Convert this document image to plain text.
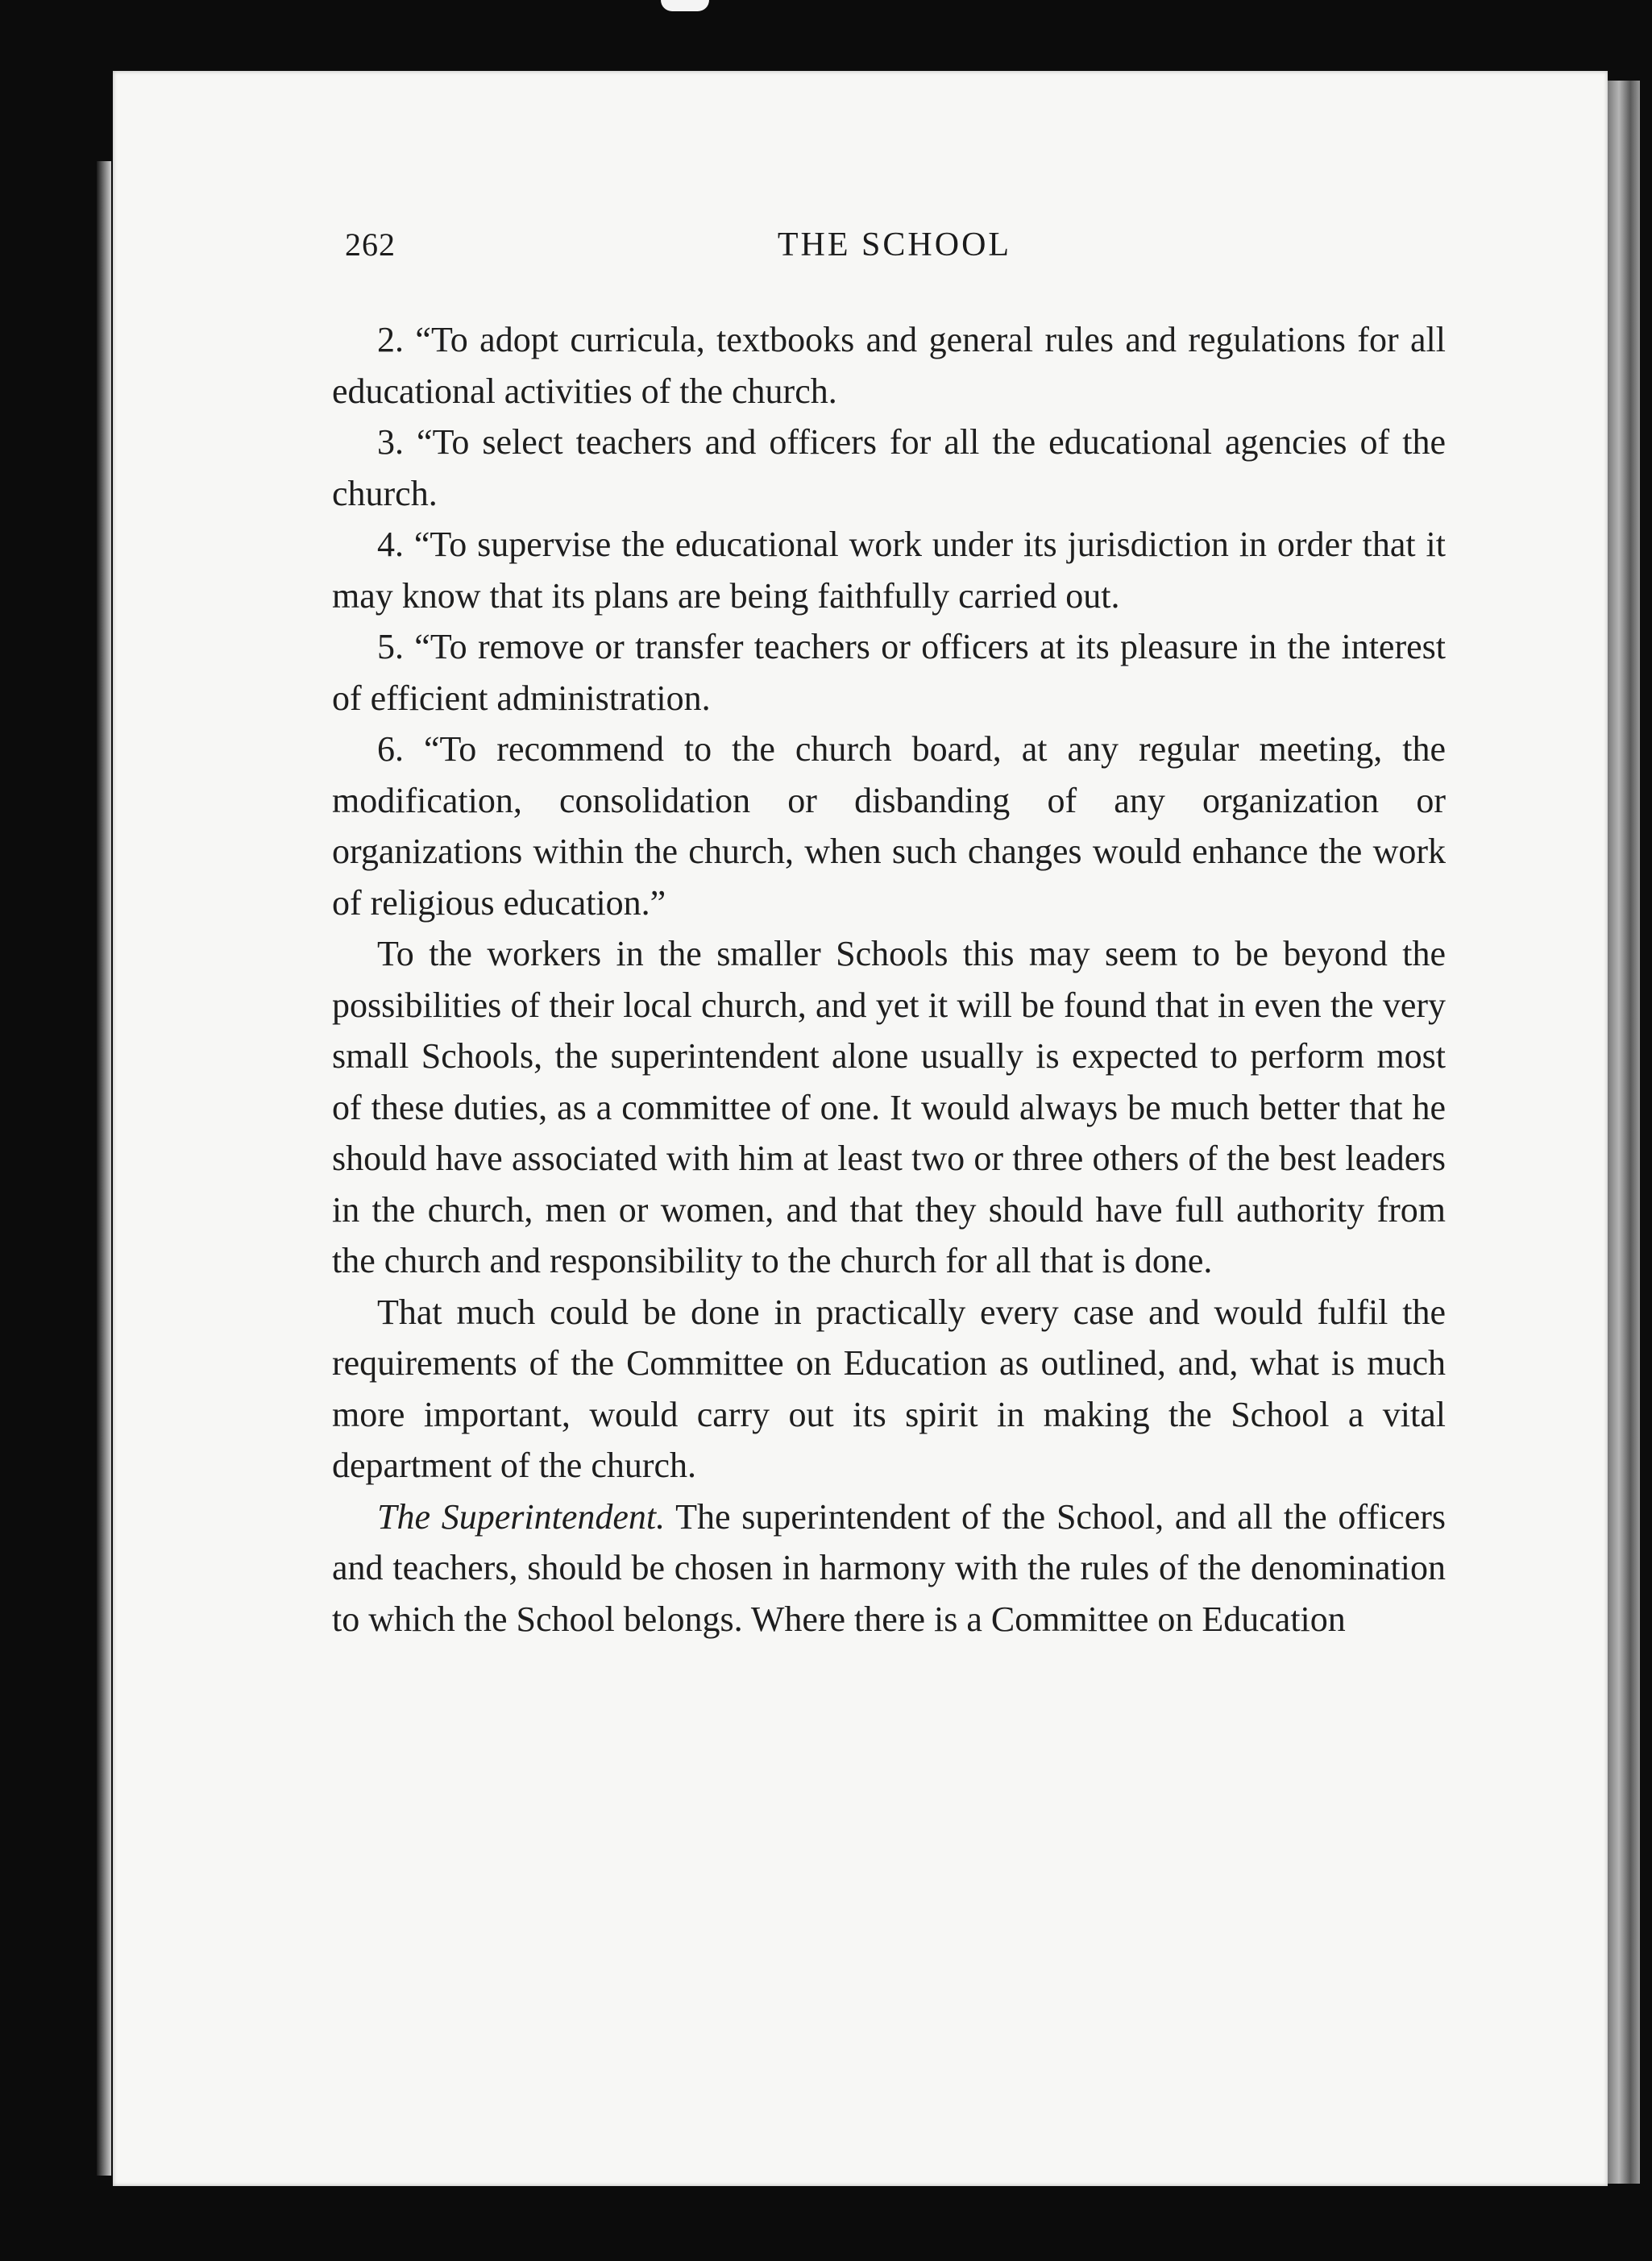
262	THE SCHOOL

2. “To adopt curricula, textbooks and general rules and regulations for all educational activities of the church.

3. “To select teachers and officers for all the educational agencies of the church.

4. “To supervise the educational work under its jurisdiction in order that it may know that its plans are being faithfully carried out.

5. “To remove or transfer teachers or officers at its pleasure in the interest of efficient administration.

6. “To recommend to the church board, at any regular meeting, the modification, consolidation or disbanding of any organization or organizations within the church, when such changes would enhance the work of religious education.”

To the workers in the smaller Schools this may seem to be beyond the possibilities of their local church, and yet it will be found that in even the very small Schools, the superintendent alone usually is expected to perform most of these duties, as a committee of one. It would always be much better that he should have associated with him at least two or three others of the best leaders in the church, men or women, and that they should have full authority from the church and responsibility to the church for all that is done.

That much could be done in practically every case and would fulfil the requirements of the Committee on Education as outlined, and, what is much more important, would carry out its spirit in making the School a vital department of the church.

The Superintendent. The superintendent of the School, and all the officers and teachers, should be chosen in harmony with the rules of the denomination to which the School belongs. Where there is a Committee on Education
